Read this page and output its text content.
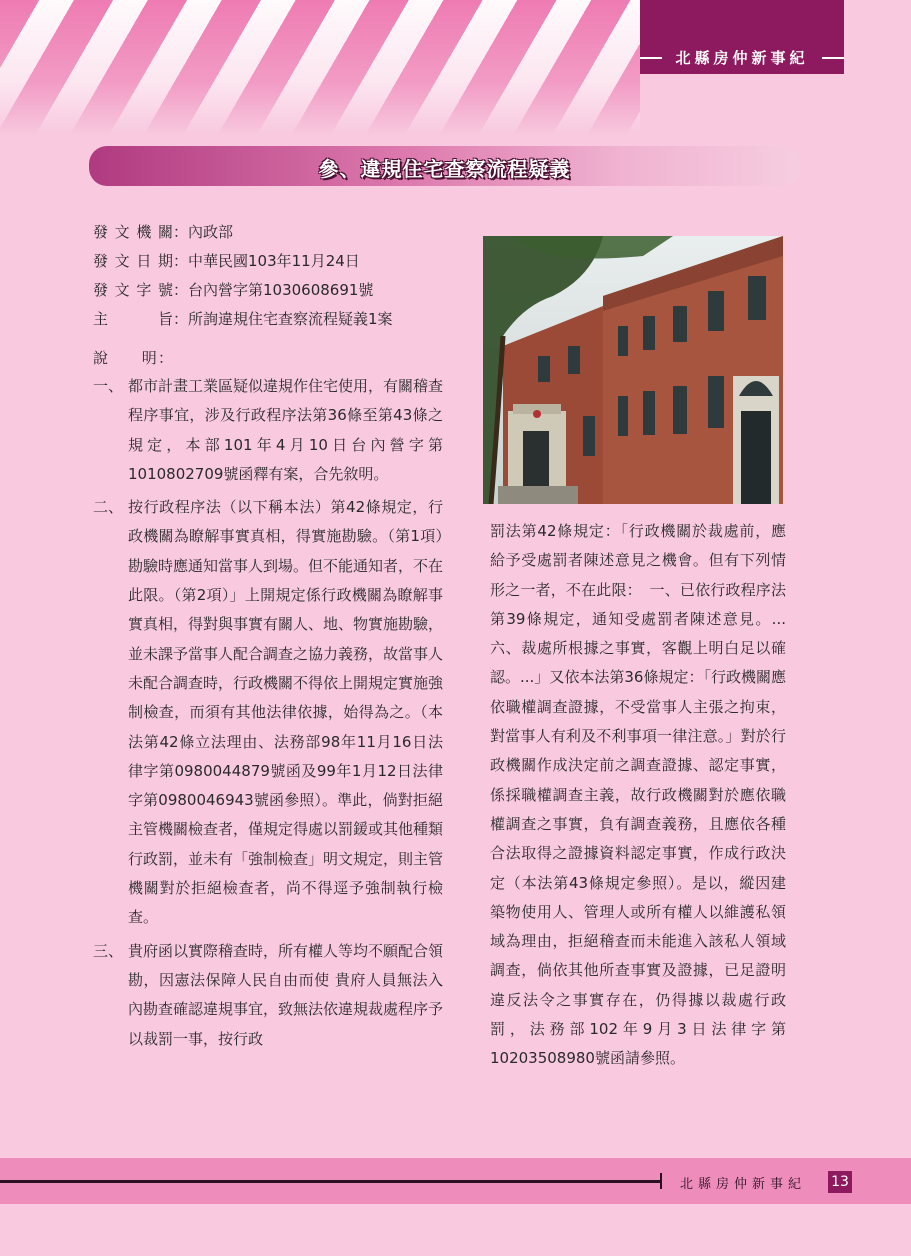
北縣房仲新事紀
參、違規住宅查察流程疑義
發文機關：內政部
發文日期：中華民國103年11月24日
發文字號：台內營字第1030608691號
主　　旨：所詢違規住宅查察流程疑義1案
說　　明：
一、 都市計畫工業區疑似違規作住宅使用，有關稽查程序事宜，涉及行政程序法第36條至第43條之規定，本部101年4月10日台內營字第1010802709號函釋有案，合先敘明。
二、 按行政程序法（以下稱本法）第42條規定，行政機關為瞭解事實真相，得實施勘驗。（第1項）勘驗時應通知當事人到場。但不能通知者，不在此限。（第2項）」上開規定係行政機關為瞭解事實真相，得對與事實有關人、地、物實施勘驗，並未課予當事人配合調查之協力義務，故當事人未配合調查時，行政機關不得依上開規定實施強制檢查，而須有其他法律依據，始得為之。（本法第42條立法理由、法務部98年11月16日法律字第0980044879號函及99年1月12日法律字第0980046943號函參照）。準此，倘對拒絕主管機關檢查者，僅規定得處以罰鍰或其他種類行政罰，並未有「強制檢查」明文規定，則主管機關對於拒絕檢查者，尚不得逕予強制執行檢查。
三、 貴府函以實際稽查時，所有權人等均不願配合領勘，因憲法保障人民自由而使 貴府人員無法入內勘查確認違規事宜，致無法依違規裁處程序予以裁罰一事，按行政
罰法第42條規定：「行政機關於裁處前，應給予受處罰者陳述意見之機會。但有下列情形之一者，不在此限：　一、已依行政程序法第39條規定，通知受處罰者陳述意見。...六、裁處所根據之事實，客觀上明白足以確認。...」又依本法第36條規定：「行政機關應依職權調查證據，不受當事人主張之拘束，對當事人有利及不利事項一律注意。」對於行政機關作成決定前之調查證據、認定事實，係採職權調查主義，故行政機關對於應依職權調查之事實，負有調查義務，且應依各種合法取得之證據資料認定事實，作成行政決定（本法第43條規定參照）。是以，縱因建築物使用人、管理人或所有權人以維護私領域為理由，拒絕稽查而未能進入該私人領域調查，倘依其他所查事實及證據，已足證明違反法令之事實存在，仍得據以裁處行政罰，法務部102年9月3日法律字第10203508980號函請參照。
北縣房仲新事紀 13
